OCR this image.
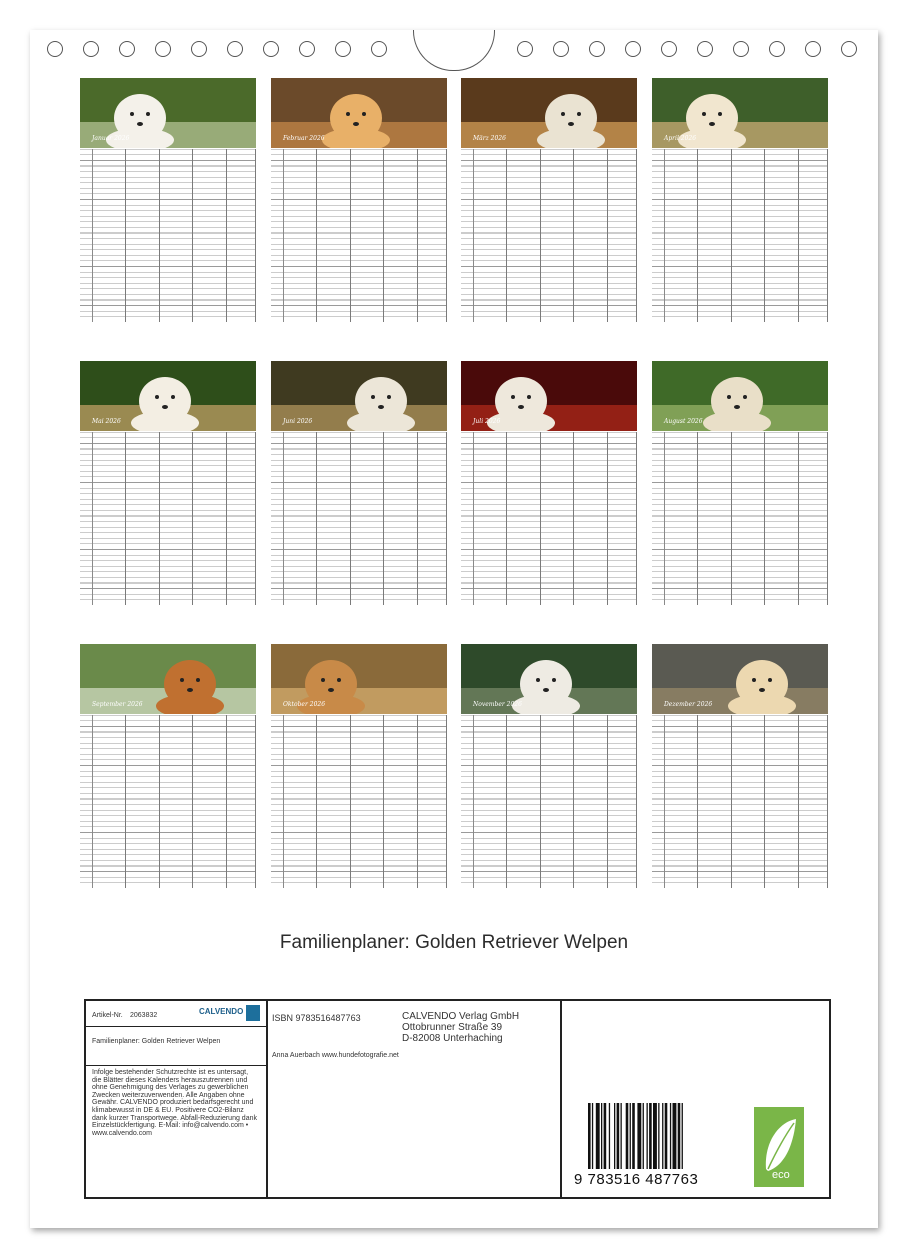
Januar 2026	Februar 2026	März 2026	April 2026
Mai 2026	Juni 2026	Juli 2026	August 2026
September 2026	Oktober 2026	November 2026	Dezember 2026
Familienplaner: Golden Retriever Welpen
Artikel-Nr. 2063832	CALVENDO
Familienplaner: Golden Retriever Welpen
Infolge bestehender Schutzrechte ist es untersagt, die Blätter dieses Kalenders herauszutrennen und ohne Genehmigung des Verlages zu gewerblichen Zwecken weiterzuverwenden. Alle Angaben ohne Gewähr. CALVENDO produziert bedarfsgerecht und klimabewusst in DE & EU. Positivere CO2-Bilanz dank kurzer Transportwege. Abfall-Reduzierung dank Einzelstückfertigung. E-Mail: info@calvendo.com • www.calvendo.com
ISBN 9783516487763	CALVENDO Verlag GmbH
Ottobrunner Straße 39
D-82008 Unterhaching
Anna Auerbach www.hundefotografie.net
9 783516 487763	eco
